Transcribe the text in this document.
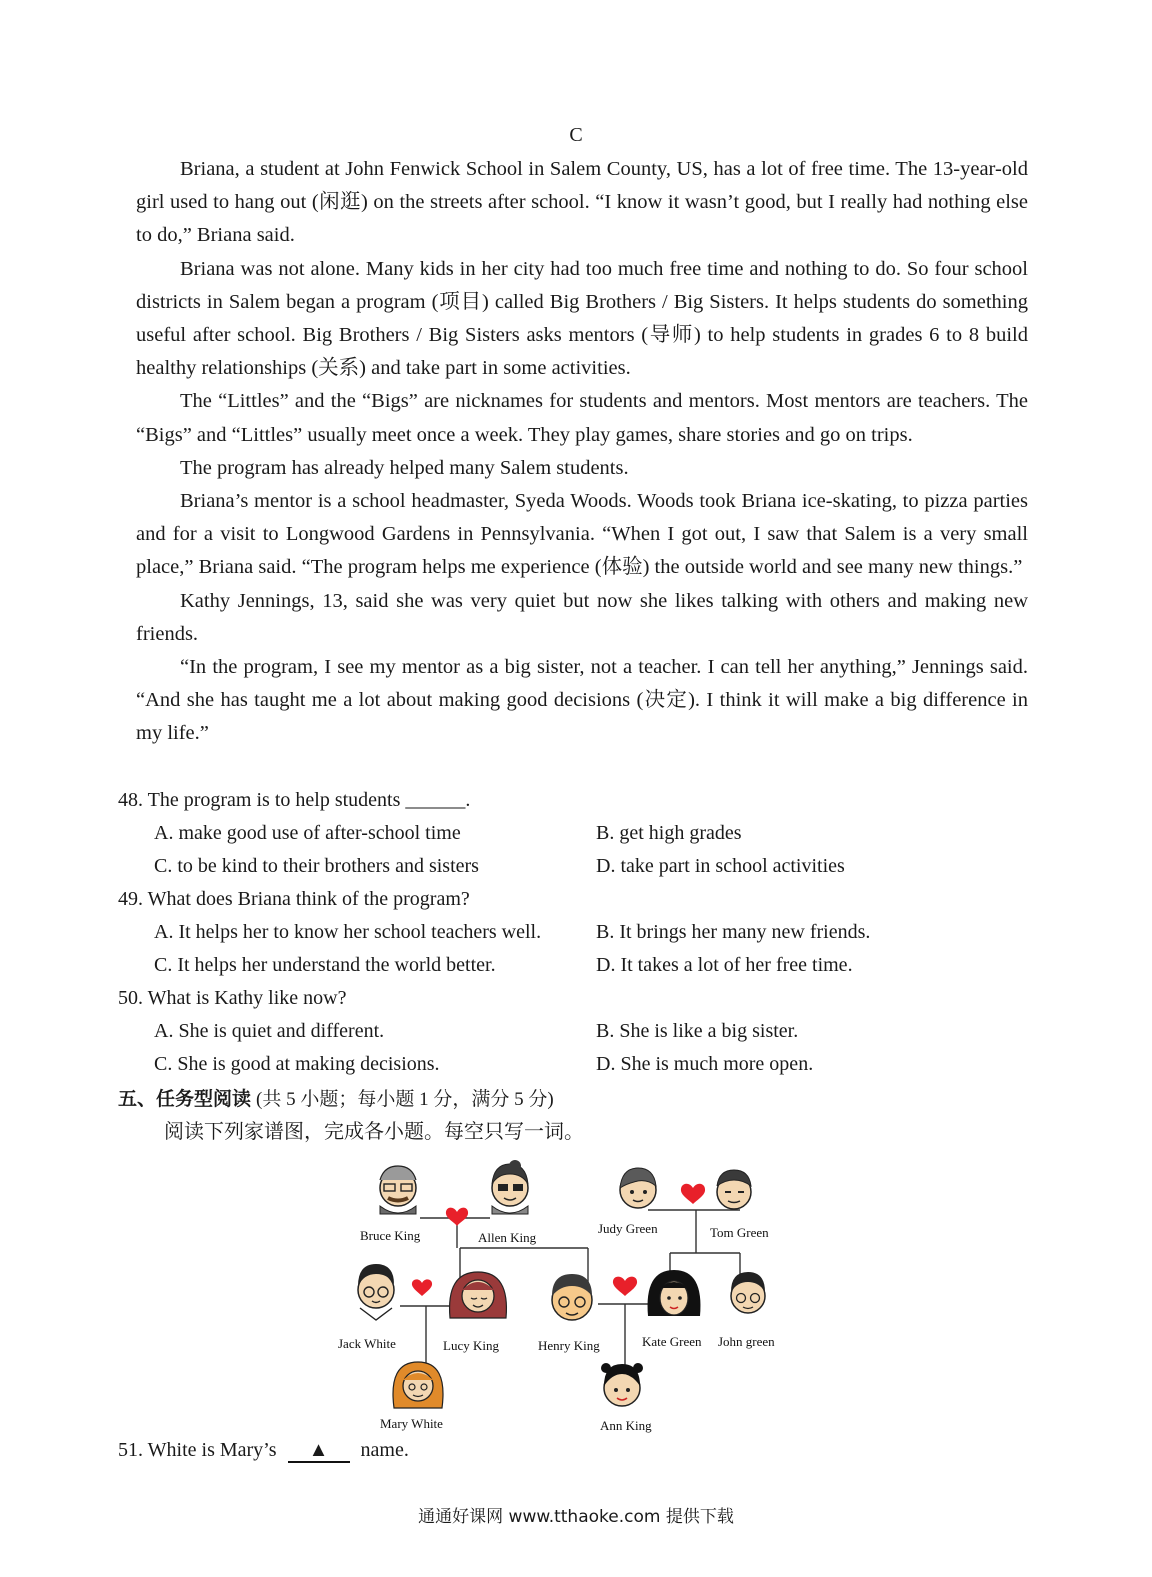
C

Briana, a student at John Fenwick School in Salem County, US, has a lot of free time. The 13-year-old girl used to hang out (闲逛) on the streets after school. “I know it wasn’t good, but I really had nothing else to do,” Briana said.

Briana was not alone. Many kids in her city had too much free time and nothing to do. So four school districts in Salem began a program (项目) called Big Brothers / Big Sisters. It helps students do something useful after school. Big Brothers / Big Sisters asks mentors (导师) to help students in grades 6 to 8 build healthy relationships (关系) and take part in some activities.

The “Littles” and the “Bigs” are nicknames for students and mentors. Most mentors are teachers. The “Bigs” and “Littles” usually meet once a week. They play games, share stories and go on trips.

The program has already helped many Salem students.

Briana’s mentor is a school headmaster, Syeda Woods. Woods took Briana ice-skating, to pizza parties and for a visit to Longwood Gardens in Pennsylvania. “When I got out, I saw that Salem is a very small place,” Briana said. “The program helps me experience (体验) the outside world and see many new things.”

Kathy Jennings, 13, said she was very quiet but now she likes talking with others and making new friends.

“In the program, I see my mentor as a big sister, not a teacher. I can tell her anything,” Jennings said. “And she has taught me a lot about making good decisions (决定). I think it will make a big difference in my life.”

48. The program is to help students ______.
A. make good use of after-school time	B. get high grades
C. to be kind to their brothers and sisters	D. take part in school activities
49. What does Briana think of the program?
A. It helps her to know her school teachers well.	B. It brings her many new friends.
C. It helps her understand the world better.	D. It takes a lot of her free time.
50. What is Kathy like now?
A. She is quiet and different.	B. She is like a big sister.
C. She is good at making decisions.	D. She is much more open.
五、任务型阅读 (共 5 小题；每小题 1 分，满分 5 分)
阅读下列家谱图，完成各小题。每空只写一词。
Bruce King	Allen King
Judy Green	Tom Green
Jack White	Lucy King	Henry King	Kate Green John green
Mary White	Ann King
51. White is Mary’s ▲ name.
通通好课网 www.tthaoke.com 提供下载
